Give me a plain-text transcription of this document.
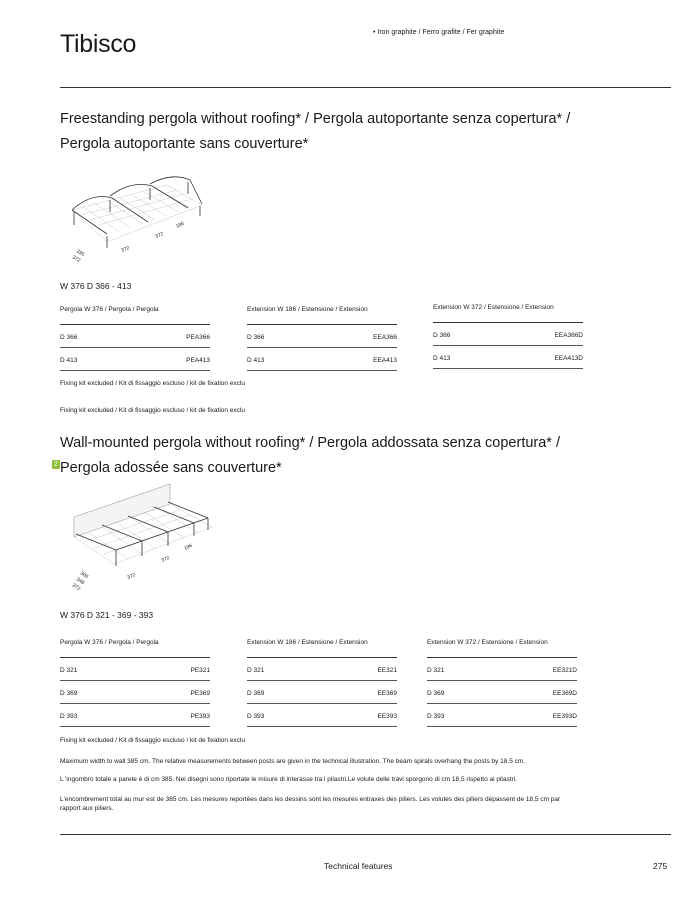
Tibisco	• Iron graphite / Ferro grafite / Fer graphite
Freestanding pergola without roofing* / Pergola autoportante senza copertura* /
Pergola autoportante sans couverture*
186
372
372
335
372
W 376 D 366 - 413
Pergola W 376 / Pergola / Pergola
D 366	PEA366
D 413	PEA413
Extension W 186 / Estensione / Extension
D 366	EEA366
D 413	EEA413
Extension W 372 / Estensione / Extension
D 366	EEA366D
D 413	EEA413D
Fixing kit excluded / Kit di fissaggio escluso / kit de fixation exclu
Fixing kit excluded / Kit di fissaggio escluso / kit de fixation exclu
Wall-mounted pergola without roofing* / Pergola addossata senza copertura* /
Pergola adossée sans couverture*
2
186
372
372
300
348
372
W 376 D 321 - 369 - 393
Pergola W 376 / Pergola / Pergola
D 321	PE321
D 369	PE369
D 393	PE393
Extension W 186 / Estensione / Extension
D 321	EE321
D 369	EE369
D 393	EE393
Extension W 372 / Estensione / Extension
D 321	EE321D
D 369	EE369D
D 393	EE393D
Fixing kit excluded / Kit di fissaggio escluso / kit de fixation exclu
Maximum width to wall 385 cm. The relative measurements between posts are given in the technical illustration. The beam spirals overhang the posts by 18.5 cm.
L 'ingombro totale a parete è di cm 385. Nei disegni sono riportate le misure di interasse tra i pilastri.Le volute delle travi sporgono di cm 18,5 rispetto ai pilastri.
L'encombrement total au mur est de 385 cm. Les mesures reportées dans les dessins sont les mesures entraxes des piliers. Les volutes des piliers dépassent de 18,5 cm par rapport aux piliers.
Technical features	275
